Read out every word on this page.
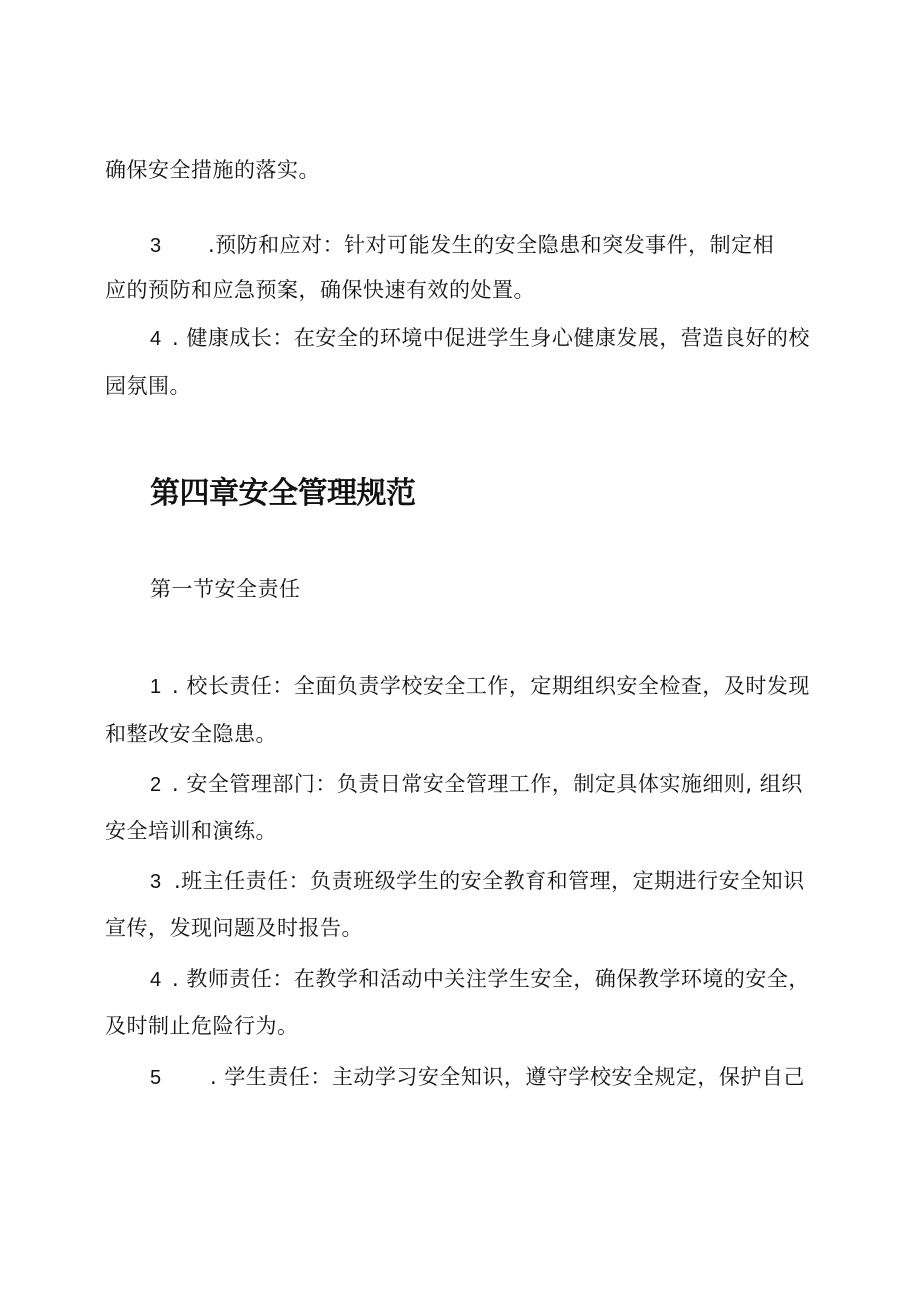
确保安全措施的落实。
3 .预防和应对：针对可能发生的安全隐患和突发事件，制定相
应的预防和应急预案，确保快速有效的处置。
4 . 健康成长：在安全的环境中促进学生身心健康发展，营造良好的校
园氛围。
第四章安全管理规范
第一节安全责任
1 . 校长责任：全面负责学校安全工作，定期组织安全检查，及时发现
和整改安全隐患。
2 . 安全管理部门：负责日常安全管理工作，制定具体实施细则, 组织
安全培训和演练。
3 .班主任责任：负责班级学生的安全教育和管理，定期进行安全知识
宣传，发现问题及时报告。
4 . 教师责任：在教学和活动中关注学生安全，确保教学环境的安全，
及时制止危险行为。
5 . 学生责任：主动学习安全知识，遵守学校安全规定，保护自己
